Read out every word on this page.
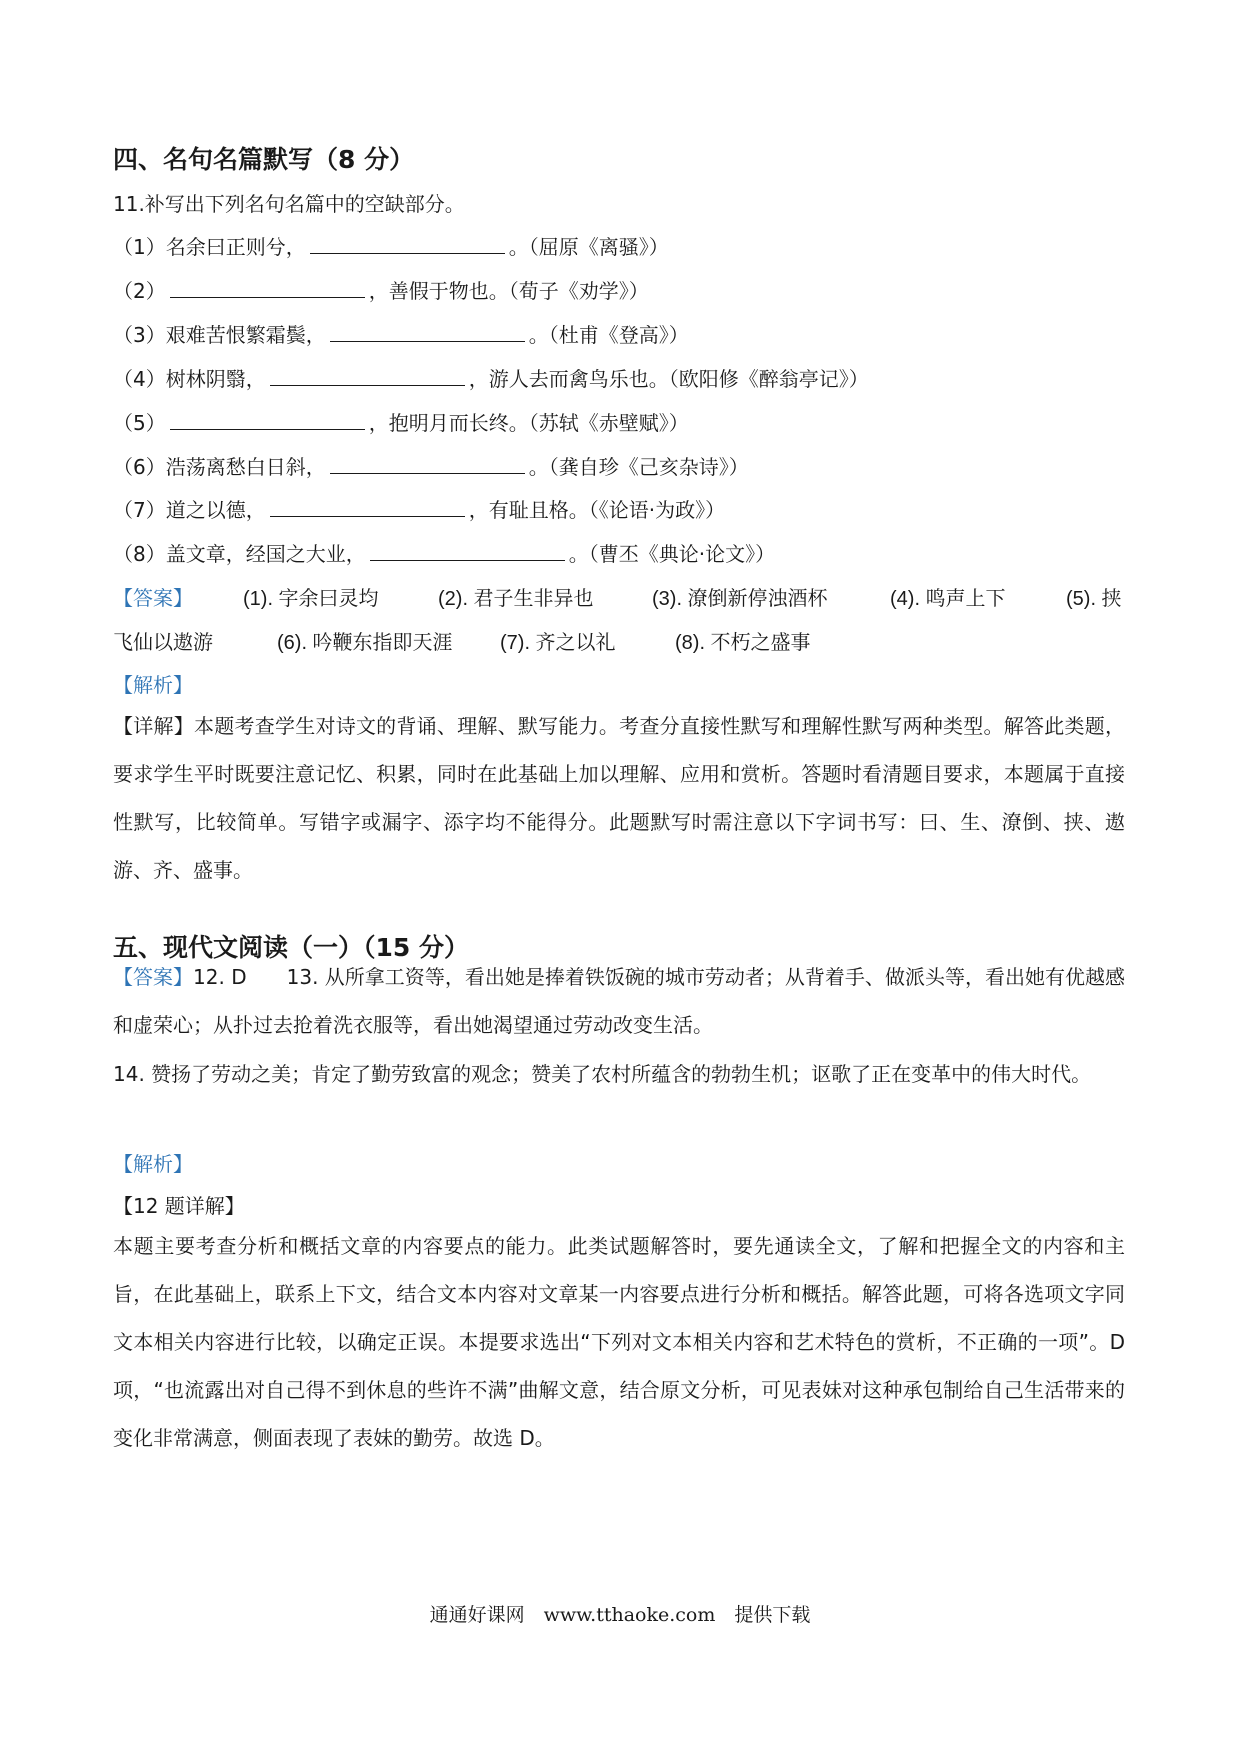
四、名句名篇默写（8 分）
11.补写出下列名句名篇中的空缺部分。
（1）名余曰正则兮，	。（屈原《离骚》）
（2）	，善假于物也。（荀子《劝学》）
（3）艰难苦恨繁霜鬓，	。（杜甫《登高》）
（4）树林阴翳，	，游人去而禽鸟乐也。（欧阳修《醉翁亭记》）
（5）	，抱明月而长终。（苏轼《赤壁赋》）
（6）浩荡离愁白日斜，	。（龚自珍《己亥杂诗》）
（7）道之以德，	，有耻且格。（《论语·为政》）
（8）盖文章，经国之大业，	。（曹丕《典论·论文》）
【答案】	(1). 字余曰灵均	(2). 君子生非异也	(3). 潦倒新停浊酒杯	(4). 鸣声上下	(5). 挟
飞仙以遨游	(6). 吟鞭东指即天涯 (7). 齐之以礼	(8). 不朽之盛事
【解析】
【详解】本题考查学生对诗文的背诵、理解、默写能力。考查分直接性默写和理解性默写两种类型。解答此类题，要求学生平时既要注意记忆、积累，同时在此基础上加以理解、应用和赏析。答题时看清题目要求，本题属于直接性默写，比较简单。写错字或漏字、添字均不能得分。此题默写时需注意以下字词书写：曰、生、潦倒、挟、遨游、齐、盛事。
五、现代文阅读（一）（15 分）
【答案】12. D　　13. 从所拿工资等，看出她是捧着铁饭碗的城市劳动者；从背着手、做派头等，看出她有优越感和虚荣心；从扑过去抢着洗衣服等，看出她渴望通过劳动改变生活。
14. 赞扬了劳动之美；肯定了勤劳致富的观念；赞美了农村所蕴含的勃勃生机；讴歌了正在变革中的伟大时代。
【解析】
【12 题详解】
本题主要考查分析和概括文章的内容要点的能力。此类试题解答时，要先通读全文，了解和把握全文的内容和主旨，在此基础上，联系上下文，结合文本内容对文章某一内容要点进行分析和概括。解答此题，可将各选项文字同文本相关内容进行比较，以确定正误。本提要求选出“下列对文本相关内容和艺术特色的赏析，不正确的一项”。D 项，“也流露出对自己得不到休息的些许不满”曲解文意，结合原文分析，可见表妹对这种承包制给自己生活带来的变化非常满意，侧面表现了表妹的勤劳。故选 D。
通通好课网　www.tthaoke.com　提供下载
